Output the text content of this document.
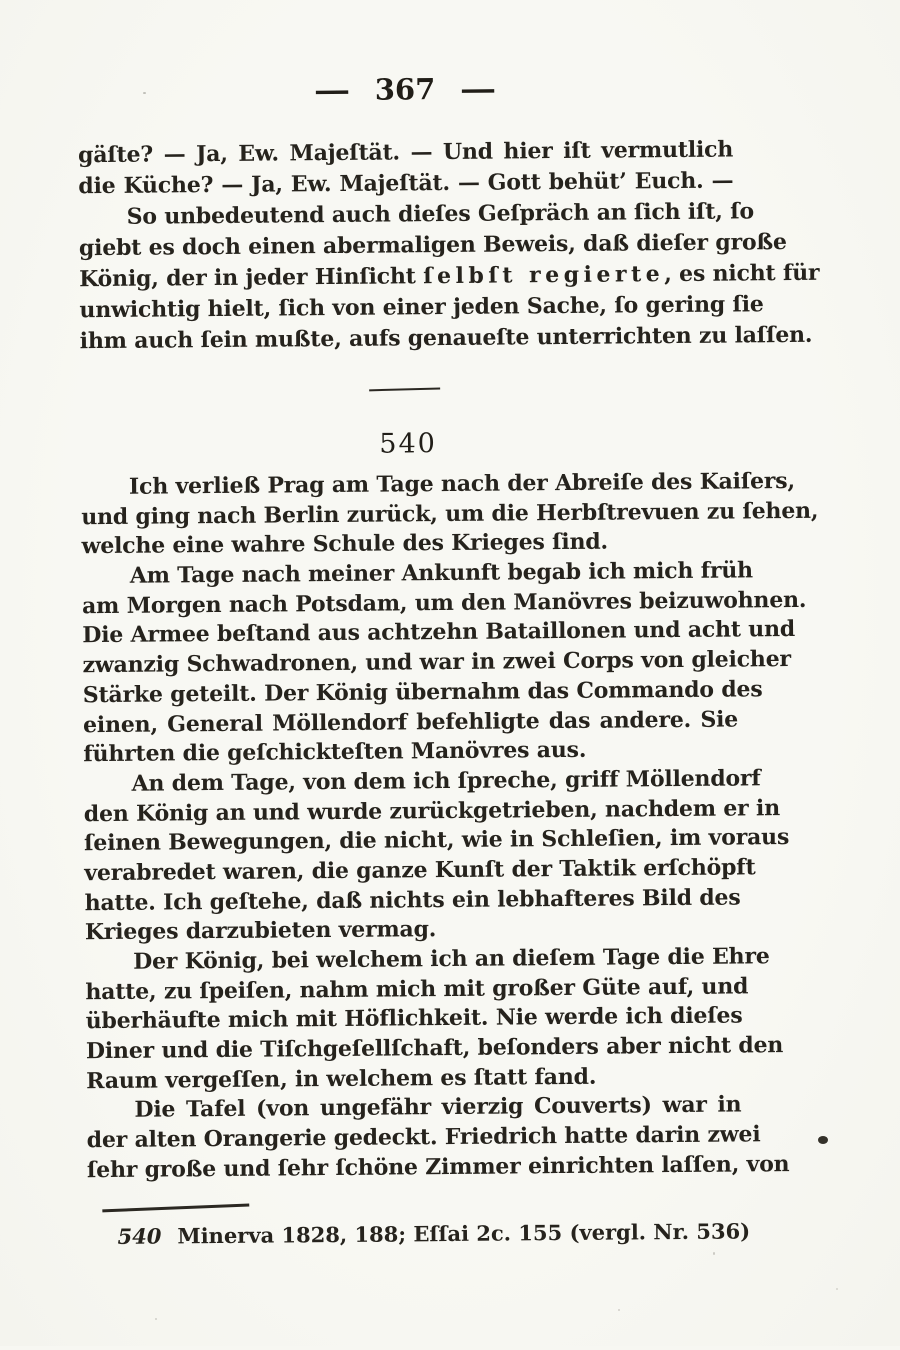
— 367 —
gäſte? — Ja, Ew. Majeſtät. — Und hier iſt vermutlich
die Küche? — Ja, Ew. Majeſtät. — Gott behüt’ Euch. —
So unbedeutend auch dieſes Geſpräch an ſich iſt, ſo
giebt es doch einen abermaligen Beweis, daß dieſer große
König, der in jeder Hinſicht ſelbſt regierte, es nicht für
unwichtig hielt, ſich von einer jeden Sache, ſo gering ſie
ihm auch ſein mußte, aufs genaueſte unterrichten zu laſſen.
540
Ich verließ Prag am Tage nach der Abreiſe des Kaiſers,
und ging nach Berlin zurück, um die Herbſtrevuen zu ſehen,
welche eine wahre Schule des Krieges ſind.
Am Tage nach meiner Ankunft begab ich mich früh
am Morgen nach Potsdam, um den Manövres beizuwohnen.
Die Armee beſtand aus achtzehn Bataillonen und acht und
zwanzig Schwadronen, und war in zwei Corps von gleicher
Stärke geteilt. Der König übernahm das Commando des
einen, General Möllendorf befehligte das andere. Sie
führten die geſchickteſten Manövres aus.
An dem Tage, von dem ich ſpreche, griff Möllendorf
den König an und wurde zurückgetrieben, nachdem er in
ſeinen Bewegungen, die nicht, wie in Schleſien, im voraus
verabredet waren, die ganze Kunſt der Taktik erſchöpft
hatte. Ich geſtehe, daß nichts ein lebhafteres Bild des
Krieges darzubieten vermag.
Der König, bei welchem ich an dieſem Tage die Ehre
hatte, zu ſpeiſen, nahm mich mit großer Güte auf, und
überhäufte mich mit Höflichkeit. Nie werde ich dieſes
Diner und die Tiſchgeſellſchaft, beſonders aber nicht den
Raum vergeſſen, in welchem es ſtatt fand.
Die Tafel (von ungefähr vierzig Couverts) war in
der alten Orangerie gedeckt. Friedrich hatte darin zwei
ſehr große und ſehr ſchöne Zimmer einrichten laſſen, von
540 Minerva 1828, 188; Eſſai 2c. 155 (vergl. Nr. 536)
